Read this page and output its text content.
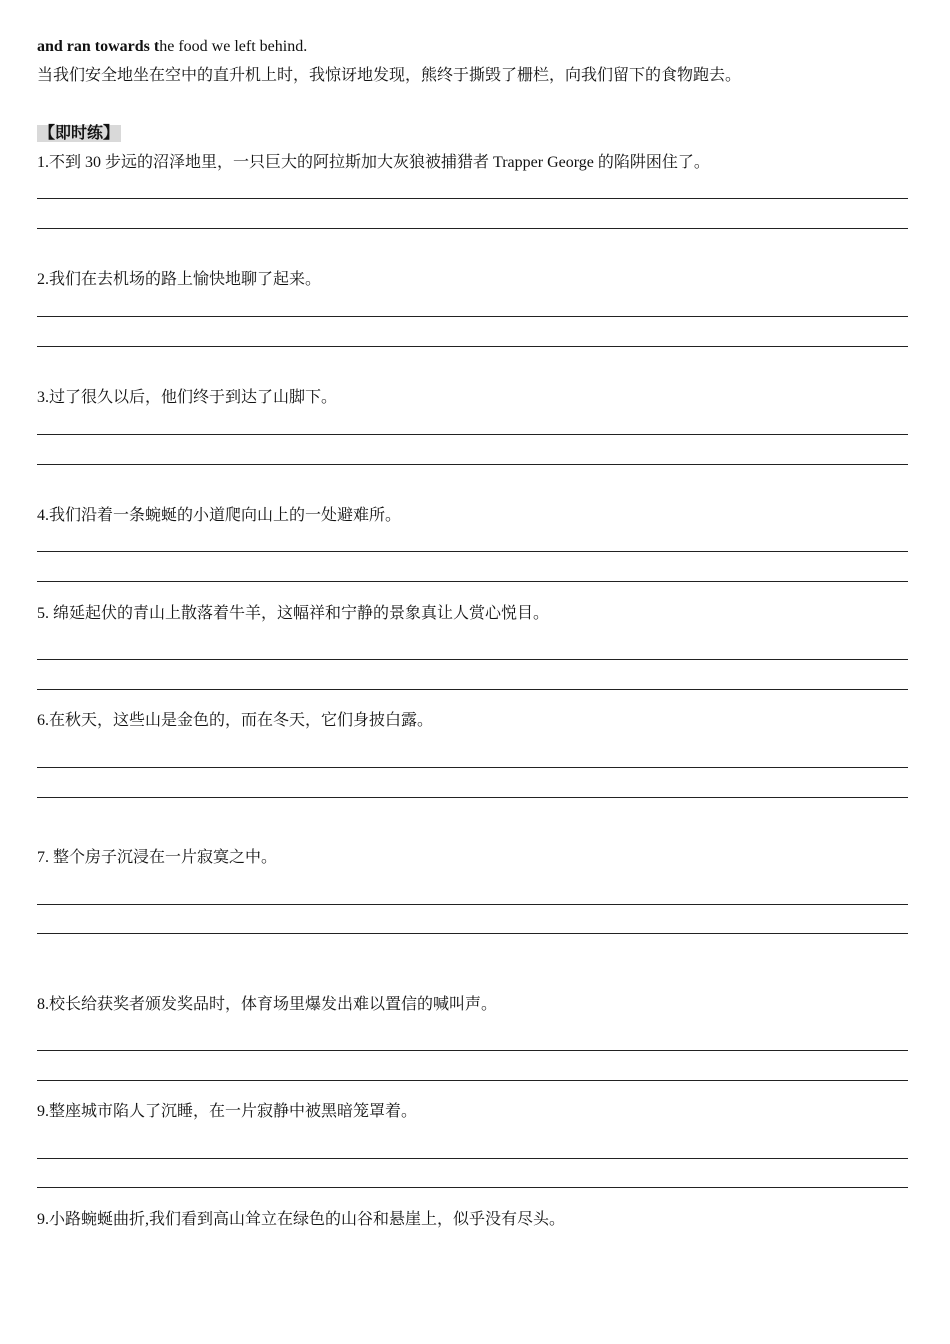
and ran towards the food we left behind.
当我们安全地坐在空中的直升机上时，我惊讶地发现，熊终于撕毁了栅栏，向我们留下的食物跑去。
【即时练】
1.不到 30 步远的沼泽地里，一只巨大的阿拉斯加大灰狼被捕猎者 Trapper George 的陷阱困住了。
2.我们在去机场的路上愉快地聊了起来。
3.过了很久以后，他们终于到达了山脚下。
4.我们沿着一条蜿蜒的小道爬向山上的一处避难所。
5. 绵延起伏的青山上散落着牛羊，这幅祥和宁静的景象真让人赏心悦目。
6.在秋天，这些山是金色的，而在冬天，它们身披白露。
7. 整个房子沉浸在一片寂寞之中。
8.校长给获奖者颁发奖品时，体育场里爆发出难以置信的喊叫声。
9.整座城市陷人了沉睡，在一片寂静中被黑暗笼罩着。
9.小路蜿蜒曲折,我们看到高山耸立在绿色的山谷和悬崖上，似乎没有尽头。
